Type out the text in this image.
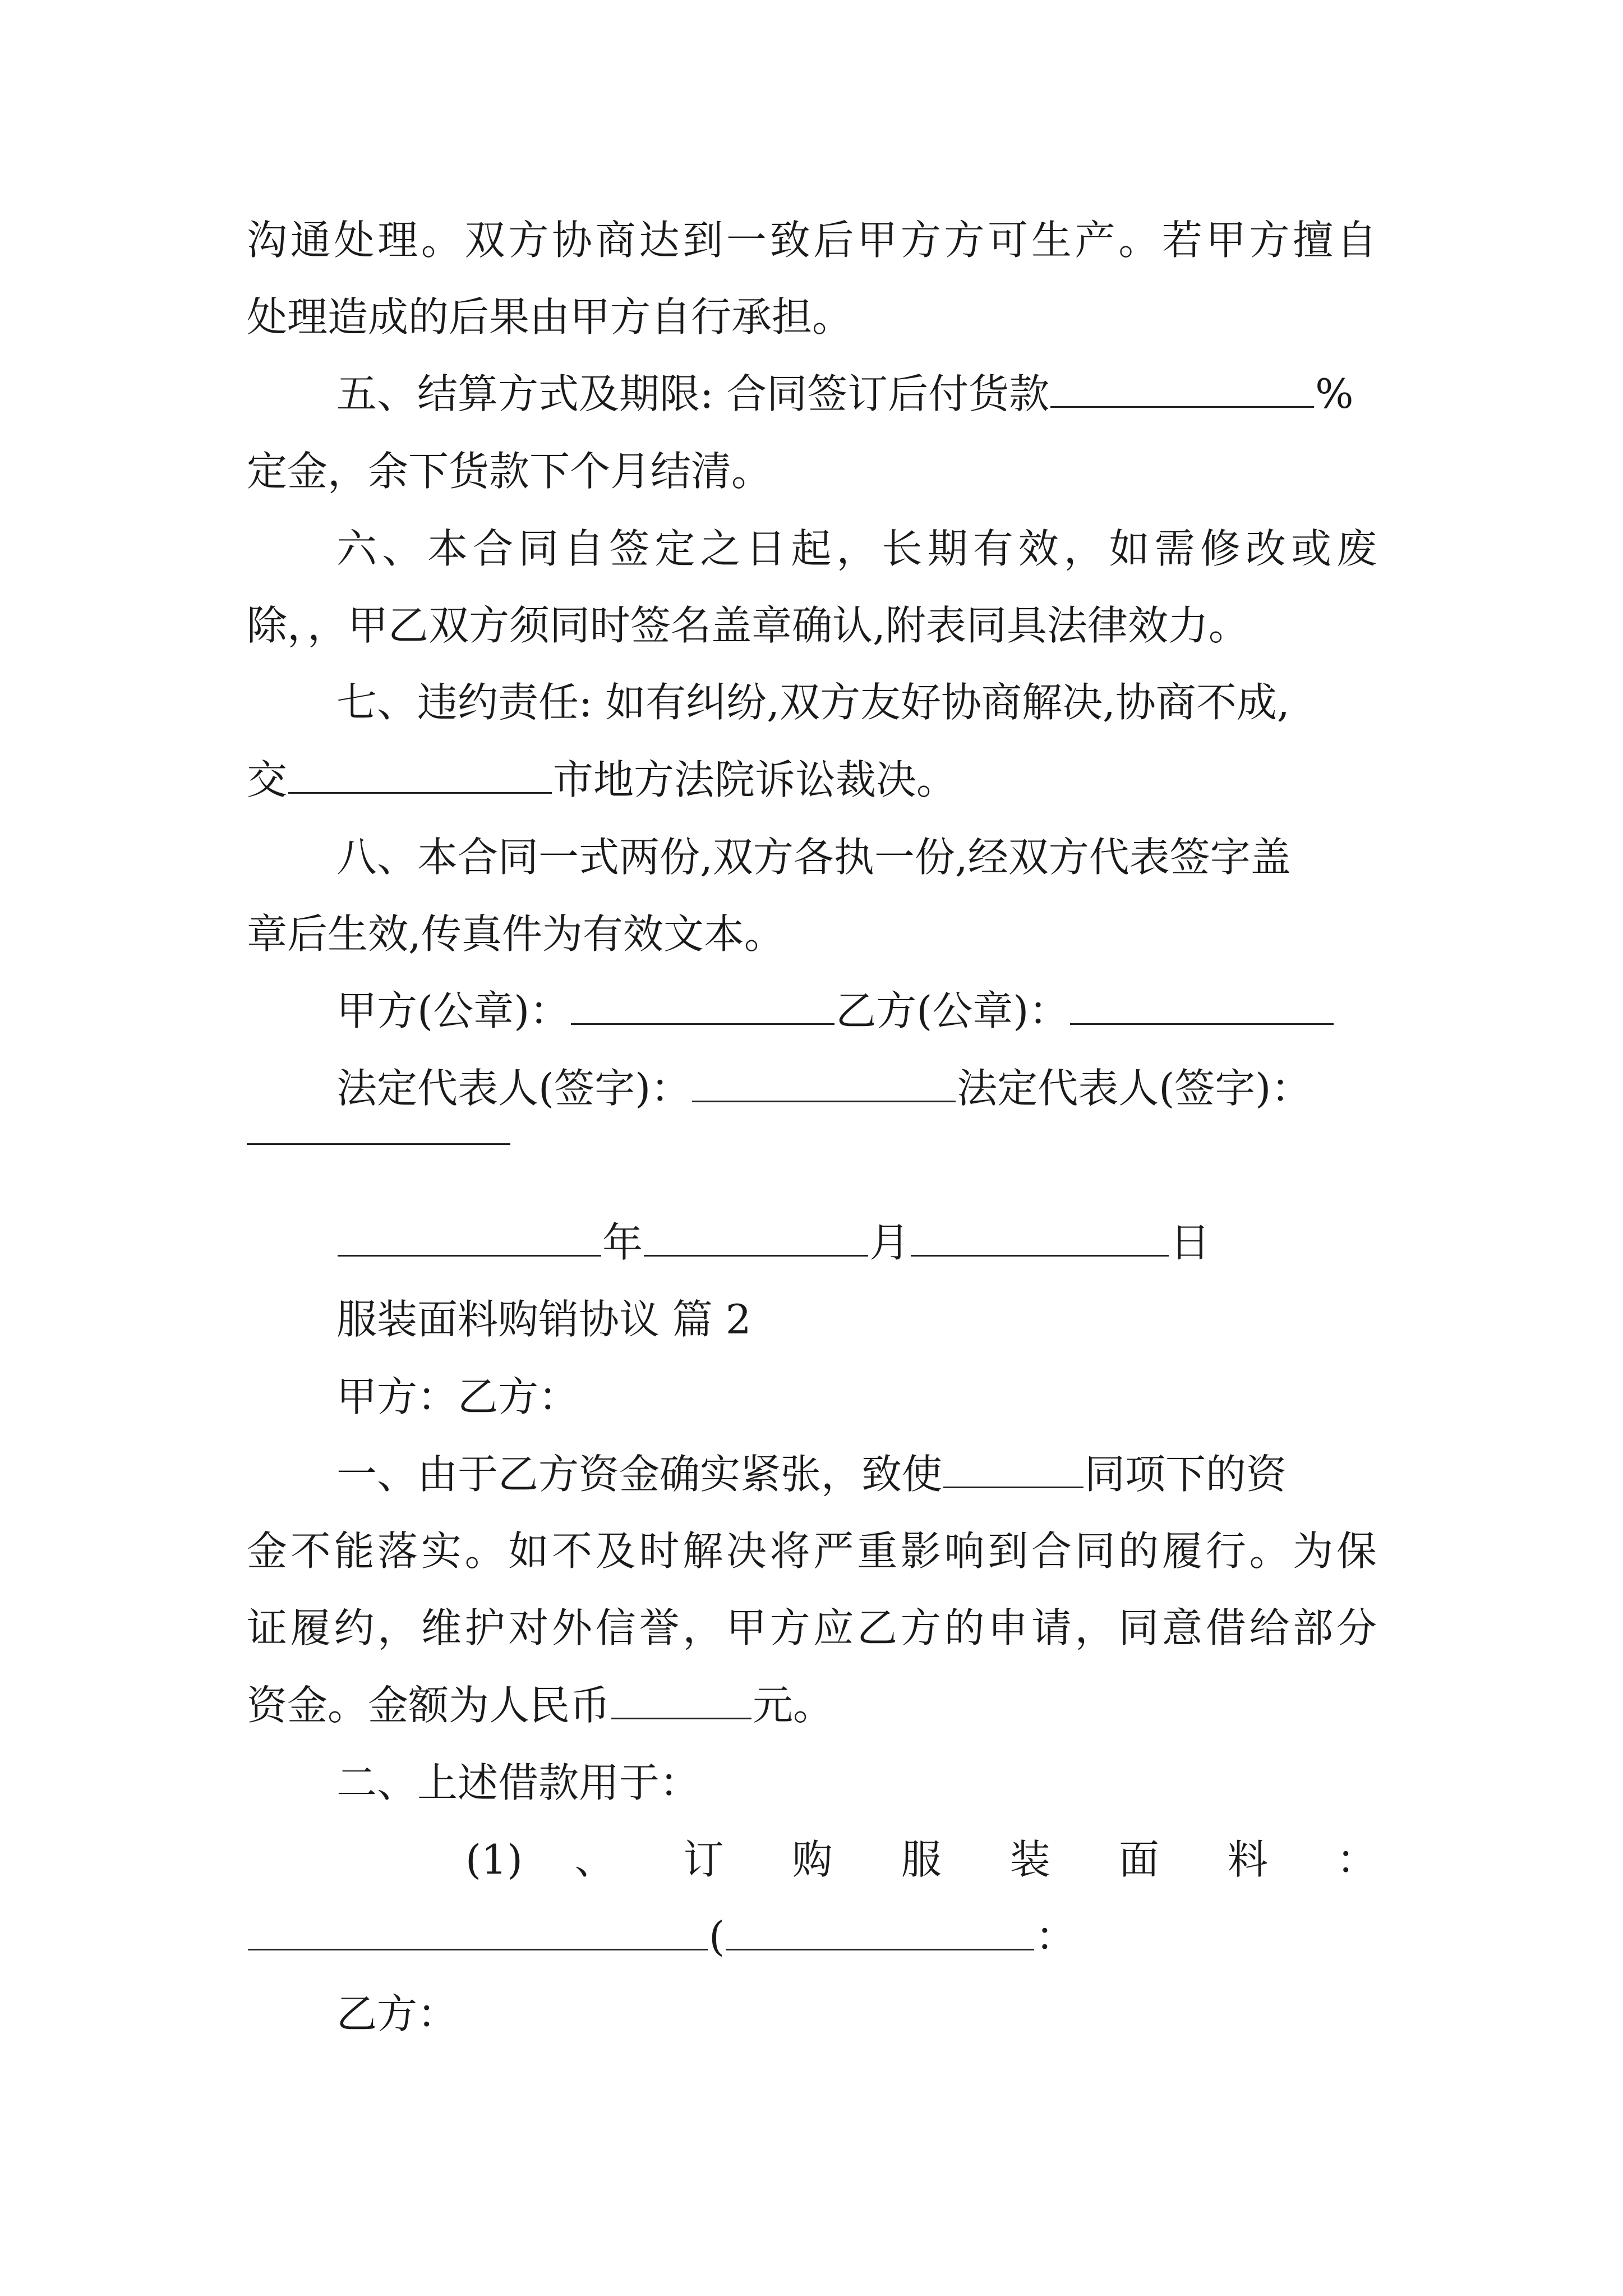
沟通处理。双方协商达到一致后甲方方可生产。若甲方擅自
处理造成的后果由甲方自行承担。
五、结算方式及期限: 合同签订后付货款	%
定金，余下货款下个月结清。
六、本合同自签定之日起，长期有效，如需修改或废
除，，甲乙双方须同时签名盖章确认,附表同具法律效力。
七、违约责任: 如有纠纷,双方友好协商解决,协商不成,
交	市地方法院诉讼裁决。
八、本合同一式两份,双方各执一份,经双方代表签字盖
章后生效,传真件为有效文本。
甲方(公章)：	乙方(公章)：
法定代表人(签字)：	法定代表人(签字)：
年	月	日
服装面料购销协议 篇 2
甲方：乙方：
一、由于乙方资金确实紧张，致使	同项下的资
金不能落实。如不及时解决将严重影响到合同的履行。为保
证履约，维护对外信誉，甲方应乙方的申请，同意借给部分
资金。金额为人民币	元。
二、上述借款用于：
(1) 、 订 购 服 装 面 料 ：
(	：
乙方：
